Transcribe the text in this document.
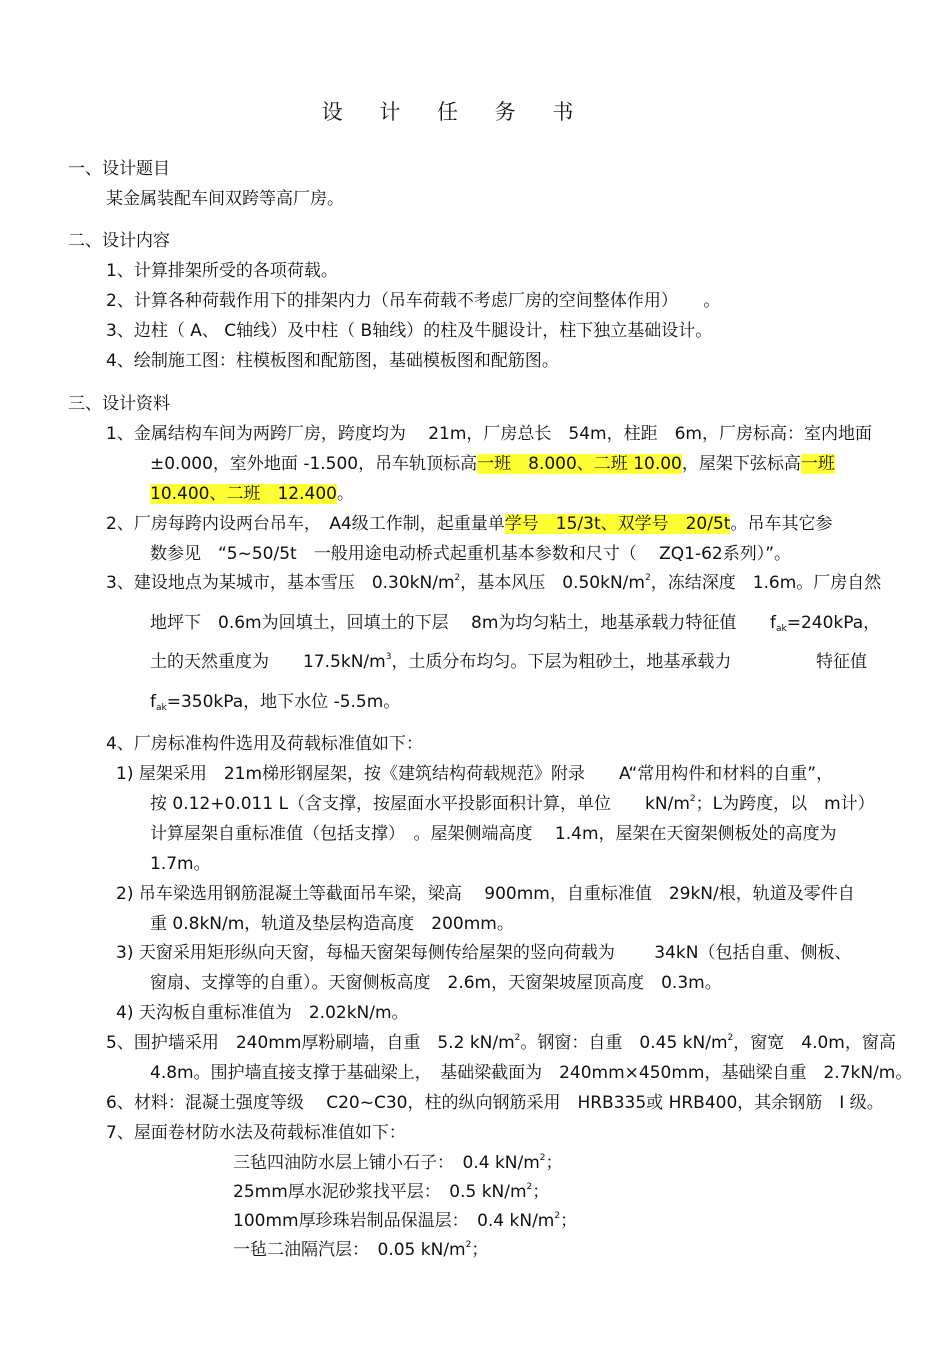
设 计 任 务 书
一、设计题目
某金属装配车间双跨等高厂房。
二、设计内容
1、计算排架所受的各项荷载。
2、计算各种荷载作用下的排架内力（吊车荷载不考虑厂房的空间整体作用）　　。
3、边柱（ A、 C轴线）及中柱（ B轴线）的柱及牛腿设计，柱下独立基础设计。
4、绘制施工图：柱模板图和配筋图，基础模板图和配筋图。
三、设计资料
1、金属结构车间为两跨厂房，跨度均为　 21m，厂房总长　54m，柱距　6m，厂房标高：室内地面
±0.000，室外地面 -1.500，吊车轨顶标高一班　8.000、二班 10.00，屋架下弦标高一班
10.400、二班　12.400。
2、厂房每跨内设两台吊车，　A4级工作制，起重量单学号　15/3t、双学号　20/5t。吊车其它参
数参见　“5~50/5t　一般用途电动桥式起重机基本参数和尺寸（　 ZQ1-62系列）”。
3、建设地点为某城市，基本雪压　$0.30kN/m^2$，基本风压　$0.50kN/m^2$，冻结深度　1.6m。厂房自然
地坪下　0.6m为回填土，回填土的下层　 8m为均匀粘土，地基承载力特征值 $f_{ak}=240kPa$，
土的天然重度为　　$17.5kN/m^3$，土质分布均匀。下层为粗砂土，地基承载力	特征值
$f_{ak}=350kPa$，地下水位 -5.5m。
4、厂房标准构件选用及荷载标准值如下：
1) 屋架采用　21m梯形钢屋架，按《建筑结构荷载规范》附录　　A“常用构件和材料的自重”，
按 0.12+0.011 L（含支撑，按屋面水平投影面积计算，单位　　$kN/m^2$；L为跨度，以　m计）
计算屋架自重标准值（包括支撑）　。屋架侧端高度　 1.4m，屋架在天窗架侧板处的高度为
1.7m。
2) 吊车梁选用钢筋混凝土等截面吊车梁，梁高　 900mm，自重标准值　29kN/根，轨道及零件自
重 0.8kN/m，轨道及垫层构造高度　200mm。
3) 天窗采用矩形纵向天窗，每榀天窗架每侧传给屋架的竖向荷载为　　 34kN（包括自重、侧板、
窗扇、支撑等的自重）。天窗侧板高度　2.6m，天窗架坡屋顶高度　0.3m。
4) 天沟板自重标准值为　2.02kN/m。
5、围护墙采用　240mm厚粉刷墙，自重　5.2 $kN/m^2$。钢窗：自重　0.45 $kN/m^2$，窗宽　4.0m，窗高
4.8m。围护墙直接支撑于基础梁上，　基础梁截面为　240mm×450mm，基础梁自重　2.7kN/m。
6、材料：混凝土强度等级　 C20~C30，柱的纵向钢筋采用　HRB335或 HRB400，其余钢筋　I 级。
7、屋面卷材防水法及荷载标准值如下：
三毡四油防水层上铺小石子：　0.4 $kN/m^2$；
25mm厚水泥砂浆找平层：　0.5 $kN/m^2$；
100mm厚珍珠岩制品保温层：　0.4 $kN/m^2$；
一毡二油隔汽层：　0.05 $kN/m^2$；
